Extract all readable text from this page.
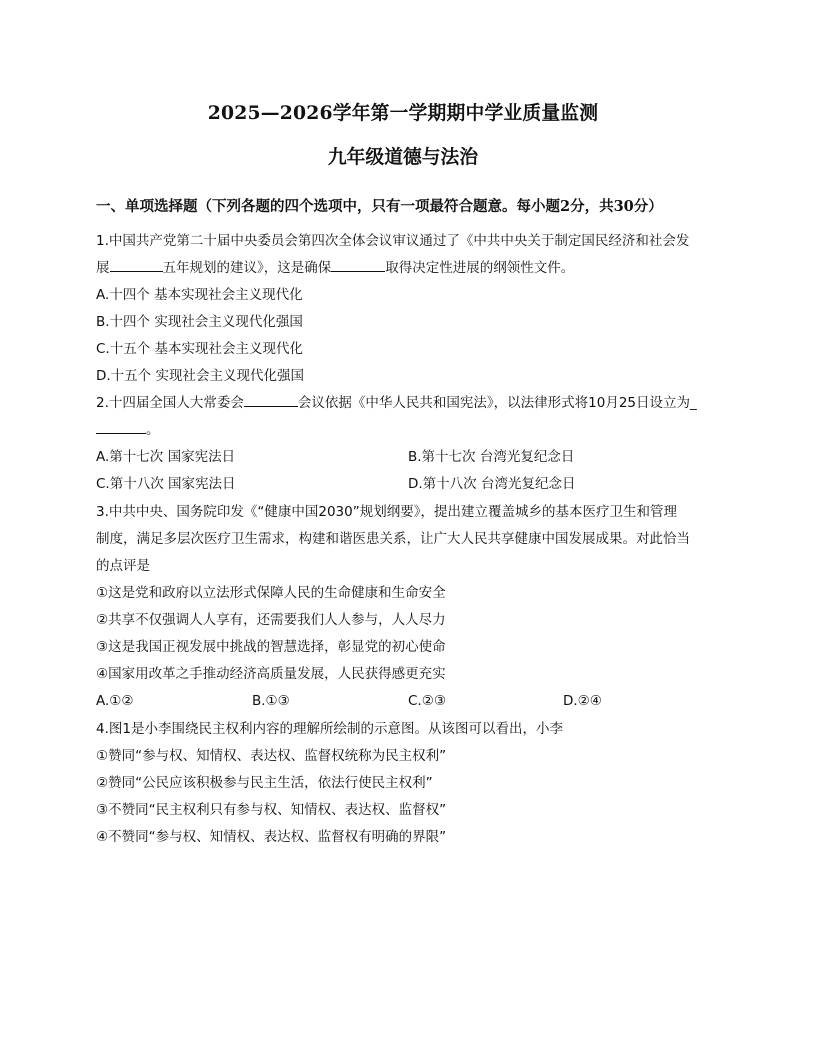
2025—2026学年第一学期期中学业质量监测
九年级道德与法治
一、单项选择题（下列各题的四个选项中，只有一项最符合题意。每小题2分，共30分）
1.中国共产党第二十届中央委员会第四次全体会议审议通过了《中共中央关于制定国民经济和社会发
展	五年规划的建议》，这是确保	取得决定性进展的纲领性文件。
A.十四个 基本实现社会主义现代化
B.十四个 实现社会主义现代化强国
C.十五个 基本实现社会主义现代化
D.十五个 实现社会主义现代化强国
2.十四届全国人大常委会	会议依据《中华人民共和国宪法》，以法律形式将10月25日设立为_
。
A.第十七次 国家宪法日	B.第十七次 台湾光复纪念日
C.第十八次 国家宪法日	D.第十八次 台湾光复纪念日
3.中共中央、国务院印发《“健康中国2030”规划纲要》，提出建立覆盖城乡的基本医疗卫生和管理
制度，满足多层次医疗卫生需求，构建和谐医患关系，让广大人民共享健康中国发展成果。对此恰当
的点评是
①这是党和政府以立法形式保障人民的生命健康和生命安全
②共享不仅强调人人享有，还需要我们人人参与，人人尽力
③这是我国正视发展中挑战的智慧选择，彰显党的初心使命
④国家用改革之手推动经济高质量发展，人民获得感更充实
A.①②	B.①③	C.②③	D.②④
4.图1是小李围绕民主权利内容的理解所绘制的示意图。从该图可以看出，小李
①赞同“参与权、知情权、表达权、监督权统称为民主权利”
②赞同“公民应该积极参与民主生活，依法行使民主权利”
③不赞同“民主权利只有参与权、知情权、表达权、监督权”
④不赞同“参与权、知情权、表达权、监督权有明确的界限”
